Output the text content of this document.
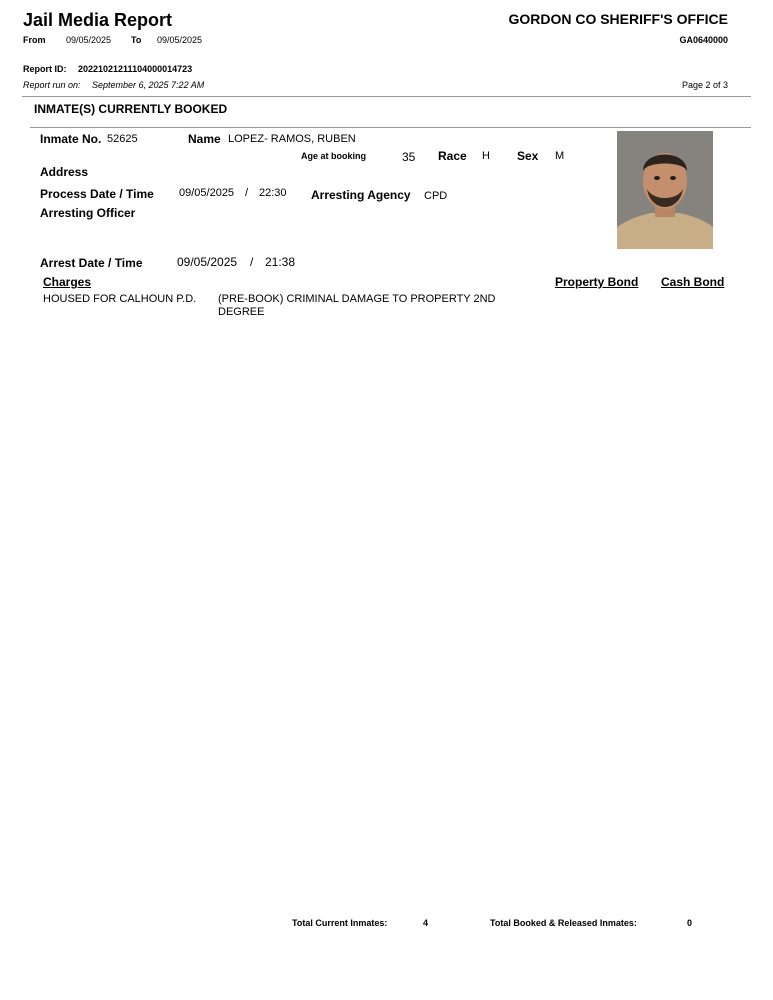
Jail Media Report	GORDON CO SHERIFF'S OFFICE
GA0640000
From 09/05/2025 To 09/05/2025
Report ID: 20221021211104000014723
Report run on: September 6, 2025 7:22 AM	Page 2 of 3
INMATE(S) CURRENTLY BOOKED
Inmate No. 52625	Name LOPEZ- RAMOS, RUBEN
Age at booking	35 Race H Sex M
Address
Process Date / Time 09/05/2025 / 22:30 Arresting Agency CPD
Arresting Officer
Arrest Date / Time	09/05/2025 / 21:38
Charges	Property Bond Cash Bond
HOUSED FOR CALHOUN P.D. (PRE-BOOK) CRIMINAL DAMAGE TO PROPERTY 2ND DEGREE
Total Current Inmates:	4	Total Booked & Released Inmates:	0
